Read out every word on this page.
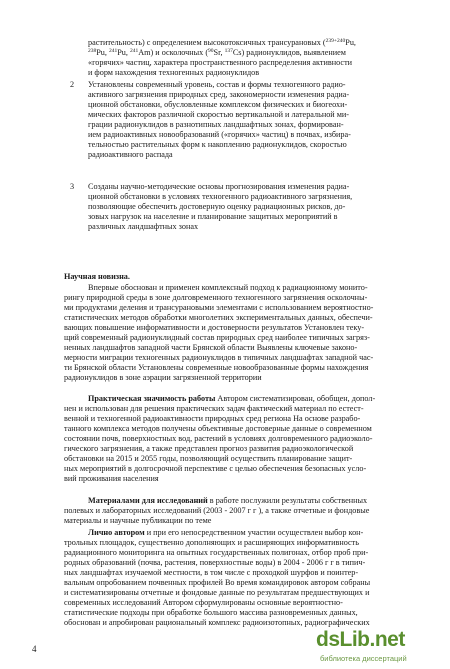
растительность) с определением высокотоксичных трансурановых ($^{239+240}$Pu,
$^{238}$Pu, $^{241}$Pu, $^{241}$Am) и осколочных ($^{90}$Sr, $^{137}$Cs) радионуклидов, выявлением
«горячих» частиц, характера пространственного распределения активности
и форм нахождения техногенных радионуклидов
2 Установлены современный уровень, состав и формы техногенного радио-
активного загрязнения природных сред, закономерности изменения радиа-
ционной обстановки, обусловленные комплексом физических и биогеохи-
мических факторов различной скоростью вертикальной и латеральной ми-
грации радионуклидов в разнотипных ландшафтных зонах, формирован-
ием радиоактивных новообразований («горячих» частиц) в почвах, избира-
тельностью растительных форм к накоплению радионуклидов, скоростью
радиоактивного распада
3 Созданы научно-методические основы прогнозирования изменения радиа-
ционной обстановки в условиях техногенного радиоактивного загрязнения,
позволяющие обеспечить достоверную оценку радиационных рисков, до-
зовых нагрузок на население и планирование защитных мероприятий в
различных ландшафтных зонах
Научная новизна.
Впервые обоснован и применен комплексный подход к радиационному монито-
рингу природной среды в зоне долговременного техногенного загрязнения осколочны-
ми продуктами деления и трансурановыми элементами с использованием вероятностно-
статистических методов обработки многолетних экспериментальных данных, обеспечи-
вающих повышение информативности и достоверности результатов Установлен теку-
щий современный радионуклидный состав природных сред наиболее типичных загряз-
ненных ландшафтов западной части Брянской области Выявлены ключевые законо-
мерности миграции техногенных радионуклидов в типичных ландшафтах западной час-
ти Брянской области Установлены современные новообразованные формы нахождения
радионуклидов в зоне аэрации загрязненной территории
Практическая значимость работы Автором систематизирован, обобщен, допол-
нен и использован для решения практических задач фактический материал по естест-
венной и техногенной радиоактивности природных сред региона На основе разрабо-
танного комплекса методов получены объективные достоверные данные о современном
состоянии почв, поверхностных вод, растений в условиях долговременного радиоэколо-
гического загрязнения, а также представлен прогноз развития радиоэкологической
обстановки на 2015 и 2055 годы, позволяющий осуществить планирование защит-
ных мероприятий в долгосрочной перспективе с целью обеспечения безопасных усло-
вий проживания населения
Материалами для исследований в работе послужили результаты собственных
полевых и лабораторных исследований (2003 - 2007 г г ), а также отчетные и фондовые
материалы и научные публикации по теме
Лично автором и при его непосредственном участии осуществлен выбор кон-
трольных площадок, существенно дополняющих и расширяющих информативность
радиационного мониторинга на опытных государственных полигонах, отбор проб при-
родных образований (почва, растения, поверхностные воды) в 2004 - 2006 г г в типич-
ных ландшафтах изучаемой местности, в том числе с проходкой шурфов и поинтер-
вальным опробованием почвенных профилей Во время командировок автором собраны
и систематизированы отчетные и фондовые данные по результатам предшествующих и
современных исследований Автором сформулированы основные вероятностно-
статистические подходы при обработке большого массива разновременных данных,
обоснован и апробирован рациональный комплекс радиоизотопных, радиографических
4	dsLib.net
библиотека диссертаций
